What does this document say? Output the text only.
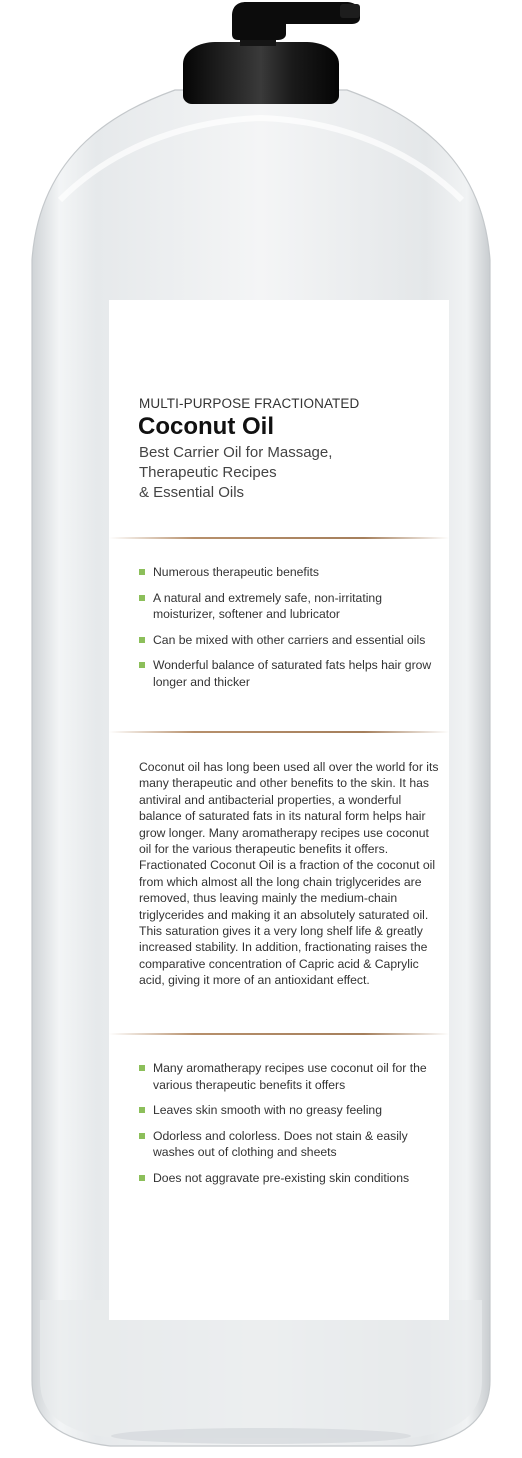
MULTI-PURPOSE FRACTIONATED
Coconut Oil
Best Carrier Oil for Massage,
Therapeutic Recipes
& Essential Oils
Numerous therapeutic benefits
A natural and extremely safe, non-irritating moisturizer, softener and lubricator
Can be mixed with other carriers and essential oils
Wonderful balance of saturated fats helps hair grow longer and thicker

Coconut oil has long been used all over the world for its many therapeutic and other benefits to the skin. It has antiviral and antibacterial properties, a wonderful balance of saturated fats in its natural form helps hair grow longer. Many aromatherapy recipes use coconut oil for the various therapeutic benefits it offers. Fractionated Coconut Oil is a fraction of the coconut oil from which almost all the long chain triglycerides are removed, thus leaving mainly the medium-chain triglycerides and making it an absolutely saturated oil. This saturation gives it a very long shelf life & greatly increased stability. In addition, fractionating raises the comparative concentration of Capric acid & Caprylic acid, giving it more of an antioxidant effect.

Many aromatherapy recipes use coconut oil for the various therapeutic benefits it offers
Leaves skin smooth with no greasy feeling
Odorless and colorless. Does not stain & easily washes out of clothing and sheets
Does not aggravate pre-existing skin conditions
